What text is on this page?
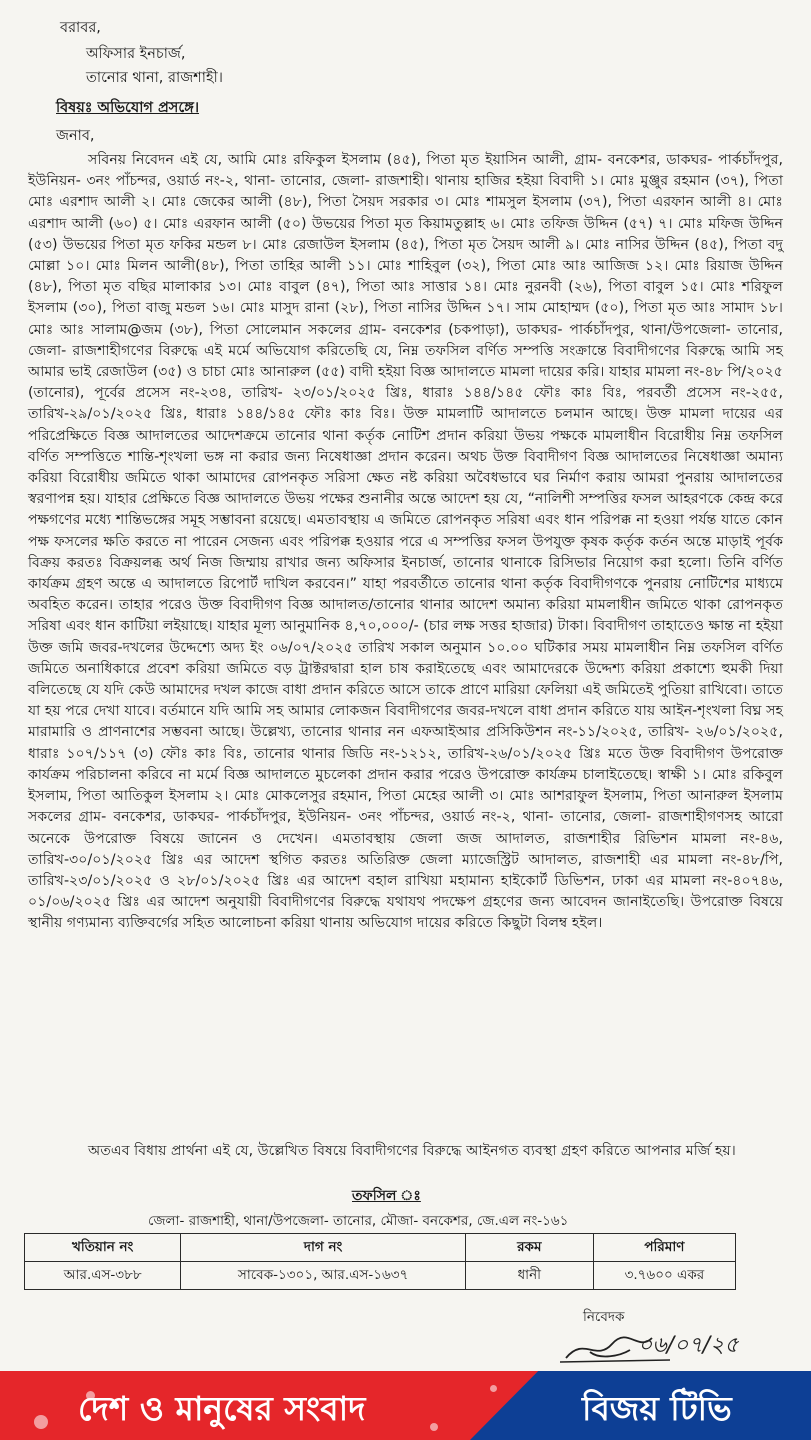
বরাবর,
অফিসার ইনচার্জ,
তানোর থানা, রাজশাহী।
বিষয়ঃ অভিযোগ প্রসঙ্গে।
জনাব,

সবিনয় নিবেদন এই যে, আমি মোঃ রফিকুল ইসলাম (৪৫), পিতা মৃত ইয়াসিন আলী, গ্রাম- বনকেশর, ডাকঘর- পার্কচাঁদপুর, ইউনিয়ন- ৩নং পাঁচন্দর, ওয়ার্ড নং-২, থানা- তানোর, জেলা- রাজশাহী। থানায় হাজির হইয়া বিবাদী ১। মোঃ মুঞ্জুর রহমান (৩৭), পিতা মোঃ এরশাদ আলী ২। মোঃ জেকের আলী (৪৮), পিতা সৈয়দ সরকার ৩। মোঃ শামসুল ইসলাম (৩৭), পিতা এরফান আলী ৪। মোঃ এরশাদ আলী (৬০) ৫। মোঃ এরফান আলী (৫০) উভয়ের পিতা মৃত কিয়ামতুল্লাহ ৬। মোঃ তফিজ উদ্দিন (৫৭) ৭। মোঃ মফিজ উদ্দিন (৫৩) উভয়ের পিতা মৃত ফকির মন্ডল ৮। মোঃ রেজাউল ইসলাম (৪৫), পিতা মৃত সৈয়দ আলী ৯। মোঃ নাসির উদ্দিন (৪৫), পিতা বদু মোল্লা ১০। মোঃ মিলন আলী(৪৮), পিতা তাহির আলী ১১। মোঃ শাহিবুল (৩২), পিতা মোঃ আঃ আজিজ ১২। মোঃ রিয়াজ উদ্দিন (৪৮), পিতা মৃত বছির মালাকার ১৩। মোঃ বাবুল (৪৭), পিতা আঃ সাত্তার ১৪। মোঃ নুরনবী (২৬), পিতা বাবুল ১৫। মোঃ শরিফুল ইসলাম (৩০), পিতা বাজু মন্ডল ১৬। মোঃ মাসুদ রানা (২৮), পিতা নাসির উদ্দিন ১৭। সাম মোহাম্মদ (৫০), পিতা মৃত আঃ সামাদ ১৮। মোঃ আঃ সালাম@জম (৩৮), পিতা সোলেমান সকলের গ্রাম- বনকেশর (চকপাড়া), ডাকঘর- পার্কচাঁদপুর, থানা/উপজেলা- তানোর, জেলা- রাজশাহীগণের বিরুদ্ধে এই মর্মে অভিযোগ করিতেছি যে, নিম্ন তফসিল বর্ণিত সম্পত্তি সংক্রান্তে বিবাদীগণের বিরুদ্ধে আমি সহ আমার ভাই রেজাউল (৩৫) ও চাচা মোঃ আনারুল (৫৫) বাদী হইয়া বিজ্ঞ আদালতে মামলা দায়ের করি। যাহার মামলা নং-৪৮ পি/২০২৫ (তানোর), পূর্বের প্রসেস নং-২৩৪, তারিখ- ২৩/০১/২০২৫ খ্রিঃ, ধারাঃ ১৪৪/১৪৫ ফৌঃ কাঃ বিঃ, পরবর্তী প্রসেস নং-২৫৫, তারিখ-২৯/০১/২০২৫ খ্রিঃ, ধারাঃ ১৪৪/১৪৫ ফৌঃ কাঃ বিঃ। উক্ত মামলাটি আদালতে চলমান আছে। উক্ত মামলা দায়ের এর পরিপ্রেক্ষিতে বিজ্ঞ আদালতের আদেশক্রমে তানোর থানা কর্তৃক নোটিশ প্রদান করিয়া উভয় পক্ষকে মামলাধীন বিরোধীয় নিম্ন তফসিল বর্ণিত সম্পত্তিতে শান্তি-শৃংখলা ভঙ্গ না করার জন্য নিষেধাজ্ঞা প্রদান করেন। অথচ উক্ত বিবাদীগণ বিজ্ঞ আদালতের নিষেধাজ্ঞা অমান্য করিয়া বিরোধীয় জমিতে থাকা আমাদের রোপনকৃত সরিসা ক্ষেত নষ্ট করিয়া অবৈধভাবে ঘর নির্মাণ করায় আমরা পুনরায় আদালতের স্বরণাপন্ন হয়। যাহার প্রেক্ষিতে বিজ্ঞ আদালতে উভয় পক্ষের শুনানীর অন্তে আদেশ হয় যে, “নালিশী সম্পত্তির ফসল আহরণকে কেন্দ্র করে পক্ষগণের মধ্যে শান্তিভঙ্গের সমূহ সম্ভাবনা রয়েছে। এমতাবস্থায় এ জমিতে রোপনকৃত সরিষা এবং ধান পরিপক্ক না হওয়া পর্যন্ত যাতে কোন পক্ষ ফসলের ক্ষতি করতে না পারেন সেজন্য এবং পরিপক্ক হওয়ার পরে এ সম্পত্তির ফসল উপযুক্ত কৃষক কর্তৃক কর্তন অন্তে মাড়াই পূর্বক বিক্রয় করতঃ বিক্রয়লব্ধ অর্থ নিজ জিম্মায় রাখার জন্য অফিসার ইনচার্জ, তানোর থানাকে রিসিভার নিয়োগ করা হলো। তিনি বর্ণিত কার্যক্রম গ্রহণ অন্তে এ আদালতে রিপোর্ট দাখিল করবেন।” যাহা পরবর্তীতে তানোর থানা কর্তৃক বিবাদীগণকে পুনরায় নোটিশের মাধ্যমে অবহিত করেন। তাহার পরেও উক্ত বিবাদীগণ বিজ্ঞ আদালত/তানোর থানার আদেশ অমান্য করিয়া মামলাধীন জমিতে থাকা রোপনকৃত সরিষা এবং ধান কাটিয়া লইয়াছে। যাহার মূল্য আনুমানিক ৪,৭০,০০০/- (চার লক্ষ সত্তর হাজার) টাকা। বিবাদীগণ তাহাতেও ক্ষান্ত না হইয়া উক্ত জমি জবর-দখলের উদ্দেশ্যে অদ্য ইং ০৬/০৭/২০২৫ তারিখ সকাল অনুমান ১০.০০ ঘটিকার সময় মামলাধীন নিম্ন তফসিল বর্ণিত জমিতে অনাধিকারে প্রবেশ করিয়া জমিতে বড় ট্রাক্টরদ্বারা হাল চাষ করাইতেছে এবং আমাদেরকে উদ্দেশ্য করিয়া প্রকাশ্যে হুমকী দিয়া বলিতেছে যে যদি কেউ আমাদের দখল কাজে বাধা প্রদান করিতে আসে তাকে প্রাণে মারিয়া ফেলিয়া এই জমিতেই পুতিয়া রাখিবো। তাতে যা হয় পরে দেখা যাবে। বর্তমানে যদি আমি সহ আমার লোকজন বিবাদীগণের জবর-দখলে বাধা প্রদান করিতে যায় আইন-শৃংখলা বিঘ্ন সহ মারামারি ও প্রাণনাশের সম্ভবনা আছে। উল্লেখ্য, তানোর থানার নন এফআইআর প্রসিকিউশন নং-১১/২০২৫, তারিখ- ২৬/০১/২০২৫, ধারাঃ ১০৭/১১৭ (৩) ফৌঃ কাঃ বিঃ, তানোর থানার জিডি নং-১২১২, তারিখ-২৬/০১/২০২৫ খ্রিঃ মতে উক্ত বিবাদীগণ উপরোক্ত কার্যক্রম পরিচালনা করিবে না মর্মে বিজ্ঞ আদালতে মুচলেকা প্রদান করার পরেও উপরোক্ত কার্যক্রম চালাইতেছে। স্বাক্ষী ১। মোঃ রকিবুল ইসলাম, পিতা আতিকুল ইসলাম ২। মোঃ মোকলেসুর রহমান, পিতা মেহের আলী ৩। মোঃ আশরাফুল ইসলাম, পিতা আনারুল ইসলাম সকলের গ্রাম- বনকেশর, ডাকঘর- পার্কচাঁদপুর, ইউনিয়ন- ৩নং পাঁচন্দর, ওয়ার্ড নং-২, থানা- তানোর, জেলা- রাজশাহীগণসহ আরো অনেকে উপরোক্ত বিষয়ে জানেন ও দেখেন। এমতাবস্থায় জেলা জজ আদালত, রাজশাহীর রিভিশন মামলা নং-৪৬, তারিখ-৩০/০১/২০২৫ খ্রিঃ এর আদেশ স্থগিত করতঃ অতিরিক্ত জেলা ম্যাজেস্ট্রিট আদালত, রাজশাহী এর মামলা নং-৪৮/পি, তারিখ-২৩/০১/২০২৫ ও ২৮/০১/২০২৫ খ্রিঃ এর আদেশ বহাল রাখিয়া মহামান্য হাইকোর্ট ডিভিশন, ঢাকা এর মামলা নং-৪০৭৪৬, ০১/০৬/২০২৫ খ্রিঃ এর আদেশ অনুযায়ী বিবাদীগণের বিরুদ্ধে যথাযথ পদক্ষেপ গ্রহণের জন্য আবেদন জানাইতেছি। উপরোক্ত বিষয়ে স্থানীয় গণ্যমান্য ব্যক্তিবর্গের সহিত আলোচনা করিয়া থানায় অভিযোগ দায়ের করিতে কিছুটা বিলম্ব হইল।

অতএব বিধায় প্রার্থনা এই যে, উল্লেখিত বিষয়ে বিবাদীগণের বিরুদ্ধে আইনগত ব্যবস্থা গ্রহণ করিতে আপনার মর্জি হয়।
তফসিল ঃ
জেলা- রাজশাহী, থানা/উপজেলা- তানোর, মৌজা- বনকেশর, জে.এল নং-১৬১
খতিয়ান নং	দাগ নং	রকম	পরিমাণ
আর.এস-৩৮৮	সাবেক-১৩০১, আর.এস-১৬৩৭	ধানী	৩.৭৬০০ একর
নিবেদক
০৬/০৭/২৫
দেশ ও মানুষের সংবাদ	বিজয় টিভি
